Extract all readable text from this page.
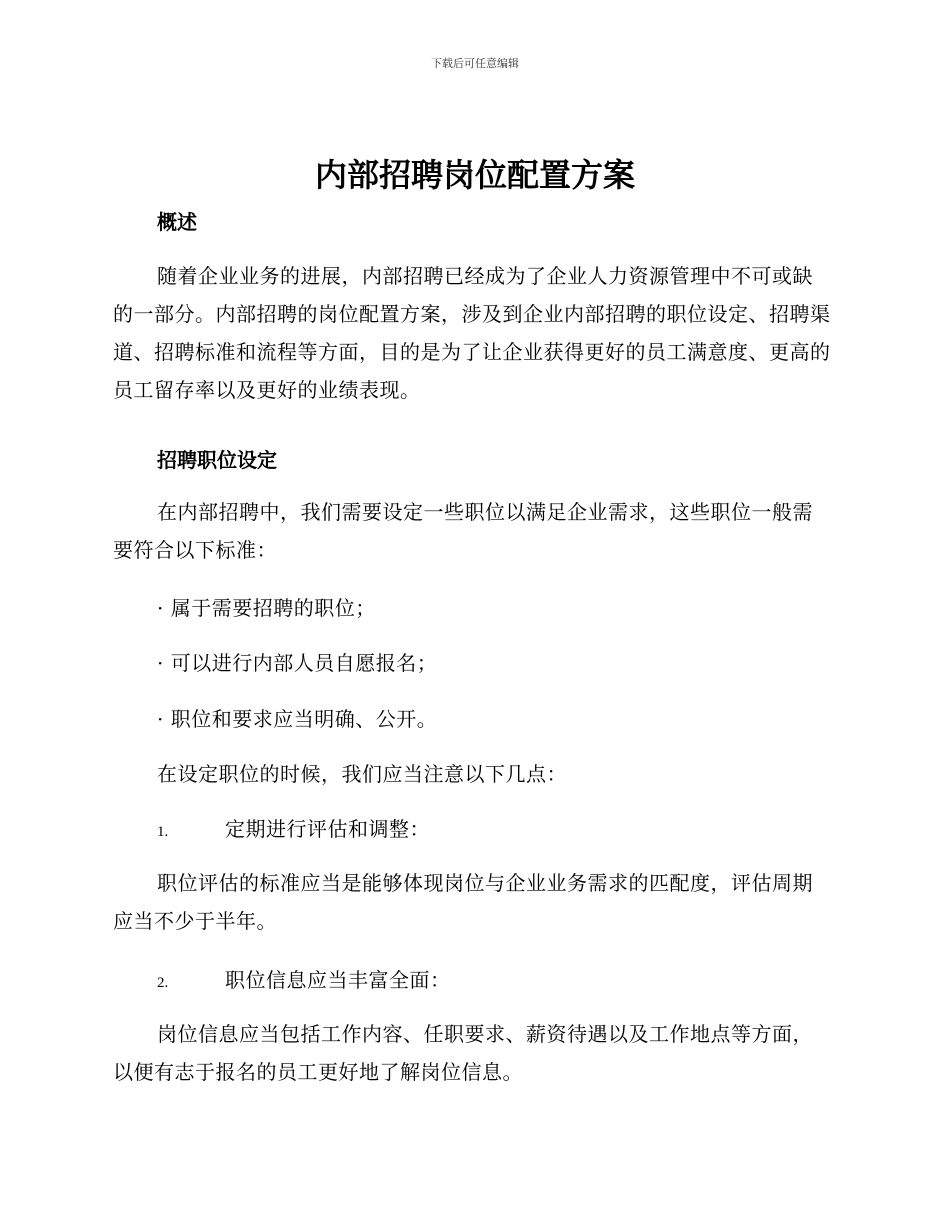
下载后可任意编辑
内部招聘岗位配置方案
概述

随着企业业务的进展，内部招聘已经成为了企业人力资源管理中不可或缺的一部分。内部招聘的岗位配置方案，涉及到企业内部招聘的职位设定、招聘渠道、招聘标准和流程等方面，目的是为了让企业获得更好的员工满意度、更高的员工留存率以及更好的业绩表现。

招聘职位设定

在内部招聘中，我们需要设定一些职位以满足企业需求，这些职位一般需要符合以下标准：

· 属于需要招聘的职位；

· 可以进行内部人员自愿报名；

· 职位和要求应当明确、公开。

在设定职位的时候，我们应当注意以下几点：

1.	定期进行评估和调整：

职位评估的标准应当是能够体现岗位与企业业务需求的匹配度，评估周期应当不少于半年。

2.	职位信息应当丰富全面：

岗位信息应当包括工作内容、任职要求、薪资待遇以及工作地点等方面，以便有志于报名的员工更好地了解岗位信息。
